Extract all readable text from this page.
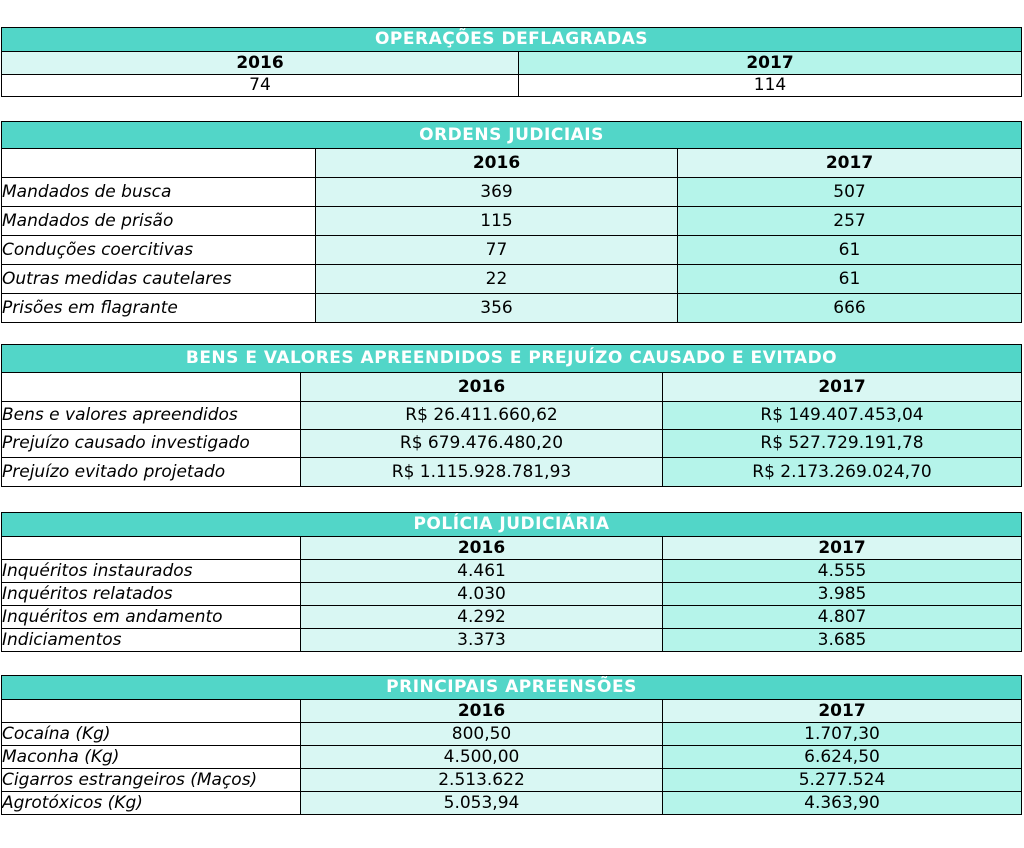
OPERAÇÕES DEFLAGRADAS	
2016	2017
74	114
ORDENS JUDICIAIS		
	2016	2017
Mandados de busca	369	507
Mandados de prisão	115	257
Conduções coercitivas	77	61
Outras medidas cautelares	22	61
Prisões em flagrante	356	666
BENS E VALORES APREENDIDOS E PREJUÍZO CAUSADO E EVITADO		
	2016	2017
Bens e valores apreendidos	R$ 26.411.660,62	R$ 149.407.453,04
Prejuízo causado investigado	R$ 679.476.480,20	R$ 527.729.191,78
Prejuízo evitado projetado	R$ 1.115.928.781,93	R$ 2.173.269.024,70
POLÍCIA JUDICIÁRIA		
	2016	2017
Inquéritos instaurados	4.461	4.555
Inquéritos relatados	4.030	3.985
Inquéritos em andamento	4.292	4.807
Indiciamentos	3.373	3.685
PRINCIPAIS APREENSÕES		
	2016	2017
Cocaína (Kg)	800,50	1.707,30
Maconha (Kg)	4.500,00	6.624,50
Cigarros estrangeiros (Maços)	2.513.622	5.277.524
Agrotóxicos (Kg)	5.053,94	4.363,90
